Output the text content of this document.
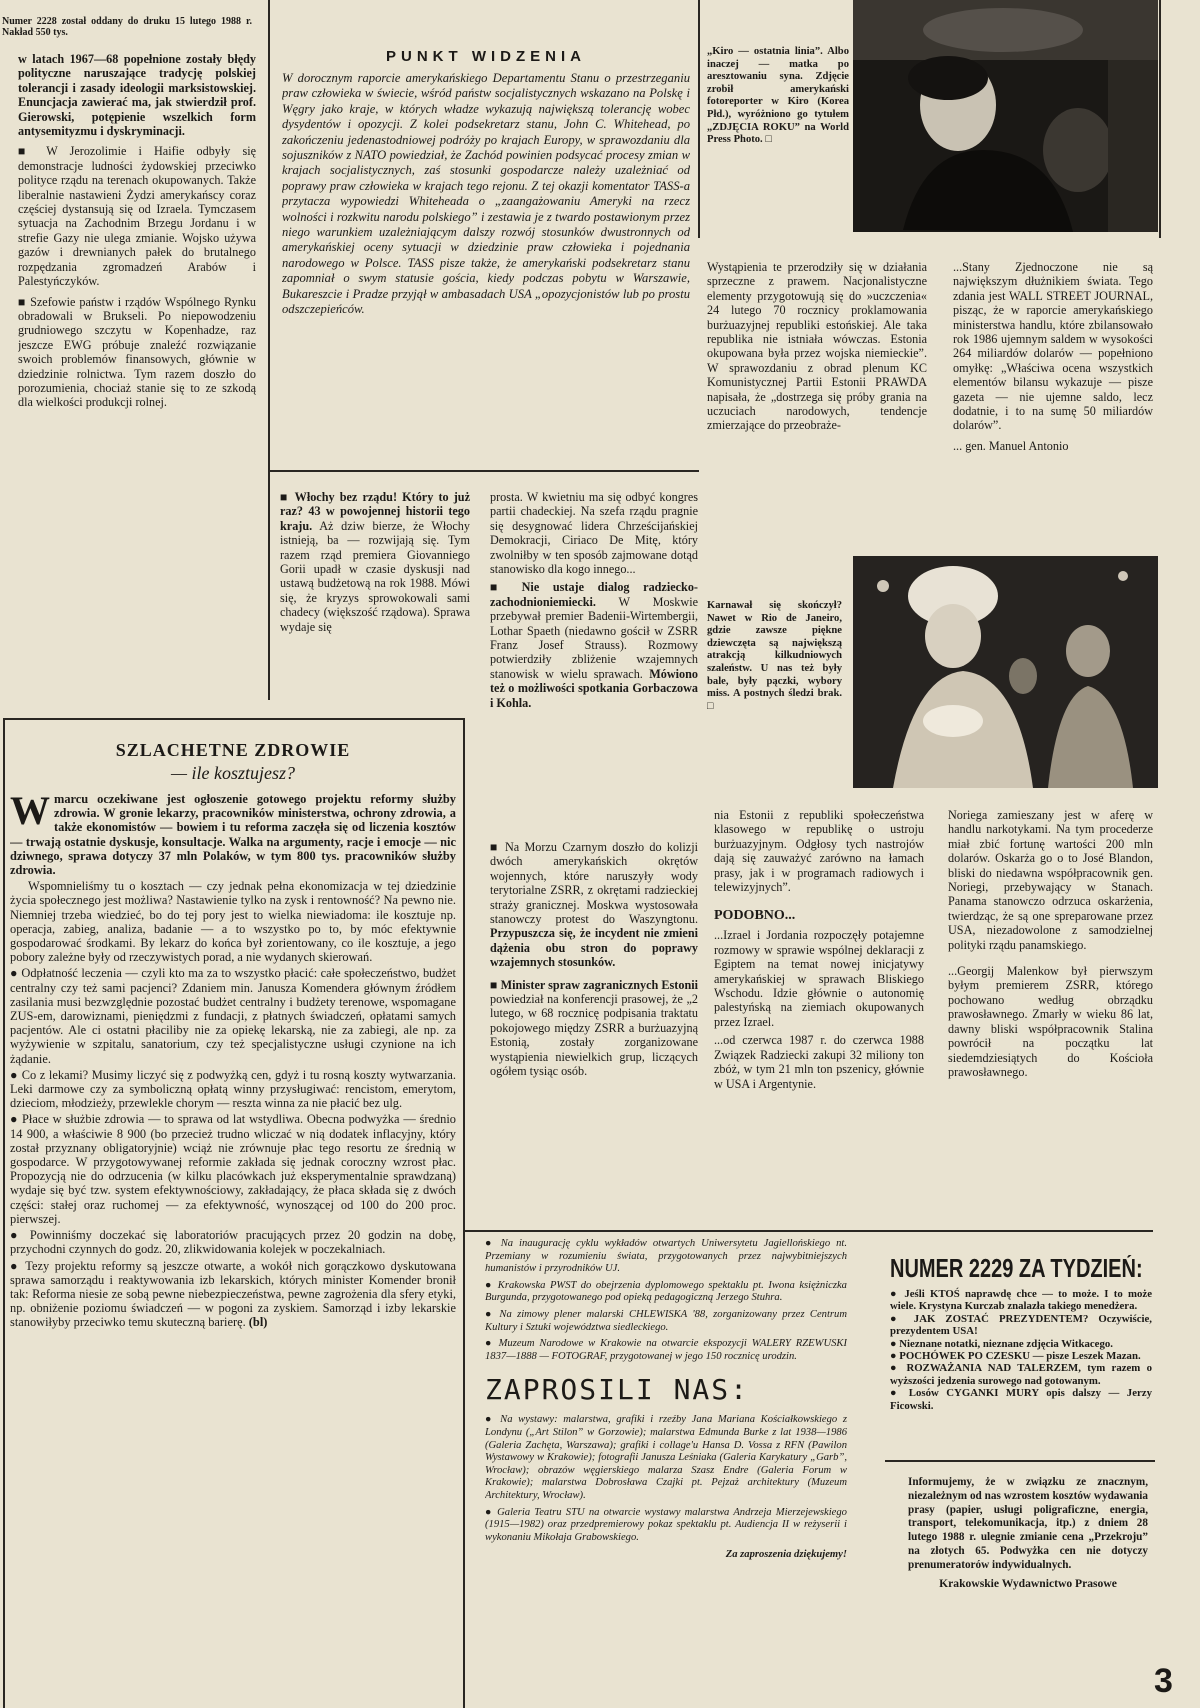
Numer 2228 został oddany do druku 15 lutego 1988 r. Nakład 550 tys.

w latach 1967—68 popełnione zostały błędy polityczne naruszające tradycję polskiej tolerancji i zasady ideologii marksistowskiej. Enuncjacja zawierać ma, jak stwierdził prof. Gierowski, potępienie wszelkich form antysemityzmu i dyskryminacji.

■ W Jerozolimie i Haifie odbyły się demonstracje ludności żydowskiej przeciwko polityce rządu na terenach okupowanych. Także liberalnie nastawieni Żydzi amerykańscy coraz częściej dystansują się od Izraela. Tymczasem sytuacja na Zachodnim Brzegu Jordanu i w strefie Gazy nie ulega zmianie. Wojsko używa gazów i drewnianych pałek do brutalnego rozpędzania zgromadzeń Arabów i Palestyńczyków.

■ Szefowie państw i rządów Wspólnego Rynku obradowali w Brukseli. Po niepowodzeniu grudniowego szczytu w Kopenhadze, raz jeszcze EWG próbuje znaleźć rozwiązanie swoich problemów finansowych, głównie w dziedzinie rolnictwa. Tym razem doszło do porozumienia, chociaż stanie się to ze szkodą dla wielkości produkcji rolnej.

PUNKT WIDZENIA

W dorocznym raporcie amerykańskiego Departamentu Stanu o przestrzeganiu praw człowieka w świecie, wśród państw socjalistycznych wskazano na Polskę i Węgry jako kraje, w których władze wykazują największą tolerancję wobec dysydentów i opozycji. Z kolei podsekretarz stanu, John C. Whitehead, po zakończeniu jedenastodniowej podróży po krajach Europy, w sprawozdaniu dla sojuszników z NATO powiedział, że Zachód powinien podsycać procesy zmian w krajach socjalistycznych, zaś stosunki gospodarcze należy uzależniać od poprawy praw człowieka w krajach tego rejonu. Z tej okazji komentator TASS-a przytacza wypowiedzi Whiteheada o „zaangażowaniu Ameryki na rzecz wolności i rozkwitu narodu polskiego” i zestawia je z twardo postawionym przez niego warunkiem uzależniającym dalszy rozwój stosunków dwustronnych od amerykańskiej oceny sytuacji w dziedzinie praw człowieka i pojednania narodowego w Polsce. TASS pisze także, że amerykański podsekretarz stanu zapomniał o swym statusie gościa, kiedy podczas pobytu w Warszawie, Bukareszcie i Pradze przyjął w ambasadach USA „opozycjonistów lub po prostu odszczepieńców.

„Kiro — ostatnia linia”. Albo inaczej — matka po aresztowaniu syna. Zdjęcie zrobił amerykański fotoreporter w Kiro (Korea Płd.), wyróżniono go tytułem „ZDJĘCIA ROKU” na World Press Photo. □

Wystąpienia te przerodziły się w działania sprzeczne z prawem. Nacjonalistyczne elementy przygotowują się do »uczczenia« 24 lutego 70 rocznicy proklamowania burżuazyjnej republiki estońskiej. Ale taka republika nie istniała wówczas. Estonia okupowana była przez wojska niemieckie”. W sprawozdaniu z obrad plenum KC Komunistycznej Partii Estonii PRAWDA napisała, że „dostrzega się próby grania na uczuciach narodowych, tendencje zmierzające do przeobraże-

...Stany Zjednoczone nie są największym dłużnikiem świata. Tego zdania jest WALL STREET JOURNAL, pisząc, że w raporcie amerykańskiego ministerstwa handlu, które zbilansowało rok 1986 ujemnym saldem w wysokości 264 miliardów dolarów — popełniono omyłkę: „Właściwa ocena wszystkich elementów bilansu wykazuje — pisze gazeta — nie ujemne saldo, lecz dodatnie, i to na sumę 50 miliardów dolarów”.

... gen. Manuel Antonio

■ Włochy bez rządu! Który to już raz? 43 w powojennej historii tego kraju. Aż dziw bierze, że Włochy istnieją, ba — rozwijają się. Tym razem rząd premiera Giovanniego Gorii upadł w czasie dyskusji nad ustawą budżetową na rok 1988. Mówi się, że kryzys sprowokowali sami chadecy (większość rządowa). Sprawa wydaje się

prosta. W kwietniu ma się odbyć kongres partii chadeckiej. Na szefa rządu pragnie się desygnować lidera Chrześcijańskiej Demokracji, Ciriaco De Mitę, który zwolniłby w ten sposób zajmowane dotąd stanowisko dla kogo innego...

■ Nie ustaje dialog radziecko-zachodnioniemiecki. W Moskwie przebywał premier Badenii-Wirtembergii, Lothar Spaeth (niedawno gościł w ZSRR Franz Josef Strauss). Rozmowy potwierdziły zbliżenie wzajemnych stanowisk w wielu sprawach. Mówiono też o możliwości spotkania Gorbaczowa i Kohla.

Karnawał się skończył? Nawet w Rio de Janeiro, gdzie zawsze piękne dziewczęta są największą atrakcją kilkudniowych szaleństw. U nas też były bale, były pączki, wybory miss. A postnych śledzi brak. □

SZLACHETNE ZDROWIE

— ile kosztujesz?

Wmarcu oczekiwane jest ogłoszenie gotowego projektu reformy służby zdrowia. W gronie lekarzy, pracowników ministerstwa, ochrony zdrowia, a także ekonomistów — bowiem i tu reforma zaczęła się od liczenia kosztów — trwają ostatnie dyskusje, konsultacje. Walka na argumenty, racje i emocje — nic dziwnego, sprawa dotyczy 37 mln Polaków, w tym 800 tys. pracowników służby zdrowia.

Wspomnieliśmy tu o kosztach — czy jednak pełna ekonomizacja w tej dziedzinie życia społecznego jest możliwa? Nastawienie tylko na zysk i rentowność? Na pewno nie. Niemniej trzeba wiedzieć, bo do tej pory jest to wielka niewiadoma: ile kosztuje np. operacja, zabieg, analiza, badanie — a to wszystko po to, by móc efektywnie gospodarować środkami. By lekarz do końca był zorientowany, co ile kosztuje, a jego pobory zależne były od rzeczywistych porad, a nie wydanych skierowań.

● Odpłatność leczenia — czyli kto ma za to wszystko płacić: całe społeczeństwo, budżet centralny czy też sami pacjenci? Zdaniem min. Janusza Komendera głównym źródłem zasilania musi bezwzględnie pozostać budżet centralny i budżety terenowe, wspomagane ZUS-em, darowiznami, pieniędzmi z fundacji, z płatnych świadczeń, opłatami samych pacjentów. Ale ci ostatni płaciliby nie za opiekę lekarską, nie za zabiegi, ale np. za wyżywienie w szpitalu, sanatorium, czy też specjalistyczne usługi czynione na ich żądanie.

● Co z lekami? Musimy liczyć się z podwyżką cen, gdyż i tu rosną koszty wytwarzania. Leki darmowe czy za symboliczną opłatą winny przysługiwać: rencistom, emerytom, dzieciom, młodzieży, przewlekle chorym — reszta winna za nie płacić bez ulg.

● Płace w służbie zdrowia — to sprawa od lat wstydliwa. Obecna podwyżka — średnio 14 900, a właściwie 8 900 (bo przecież trudno wliczać w nią dodatek inflacyjny, który został przyznany obligatoryjnie) wciąż nie zrównuje płac tego resortu ze średnią w gospodarce. W przygotowywanej reformie zakłada się jednak coroczny wzrost płac. Propozycją nie do odrzucenia (w kilku placówkach już eksperymentalnie sprawdzaną) wydaje się być tzw. system efektywnościowy, zakładający, że płaca składa się z dwóch części: stałej oraz ruchomej — za efektywność, wynoszącej od 100 do 200 proc. pierwszej.

● Powinniśmy doczekać się laboratoriów pracujących przez 20 godzin na dobę, przychodni czynnych do godz. 20, zlikwidowania kolejek w poczekalniach.

● Tezy projektu reformy są jeszcze otwarte, a wokół nich gorączkowo dyskutowana sprawa samorządu i reaktywowania izb lekarskich, których minister Komender bronił tak: Reforma niesie ze sobą pewne niebezpieczeństwa, pewne zagrożenia dla sfery etyki, np. obniżenie poziomu świadczeń — w pogoni za zyskiem. Samorząd i izby lekarskie stanowiłyby przeciwko temu skuteczną barierę. (bl)

■ Na Morzu Czarnym doszło do kolizji dwóch amerykańskich okrętów wojennych, które naruszyły wody terytorialne ZSRR, z okrętami radzieckiej straży granicznej. Moskwa wystosowała stanowczy protest do Waszyngtonu. Przypuszcza się, że incydent nie zmieni dążenia obu stron do poprawy wzajemnych stosunków.

■ Minister spraw zagranicznych Estonii powiedział na konferencji prasowej, że „2 lutego, w 68 rocznicę podpisania traktatu pokojowego między ZSRR a burżuazyjną Estonią, zostały zorganizowane wystąpienia niewielkich grup, liczących ogółem tysiąc osób.

nia Estonii z republiki społeczeństwa klasowego w republikę o ustroju burżuazyjnym. Odgłosy tych nastrojów dają się zauważyć zarówno na łamach prasy, jak i w programach radiowych i telewizyjnych”.

PODOBNO...

...Izrael i Jordania rozpoczęły potajemne rozmowy w sprawie wspólnej deklaracji z Egiptem na temat nowej inicjatywy amerykańskiej w sprawach Bliskiego Wschodu. Idzie głównie o autonomię palestyńską na ziemiach okupowanych przez Izrael.

...od czerwca 1987 r. do czerwca 1988 Związek Radziecki zakupi 32 miliony ton zbóż, w tym 21 mln ton pszenicy, głównie w USA i Argentynie.

Noriega zamieszany jest w aferę w handlu narkotykami. Na tym procederze miał zbić fortunę wartości 200 mln dolarów. Oskarża go o to José Blandon, bliski do niedawna współpracownik gen. Noriegi, przebywający w Stanach. Panama stanowczo odrzuca oskarżenia, twierdząc, że są one spreparowane przez USA, niezadowolone z samodzielnej polityki rządu panamskiego.

...Georgij Malenkow był pierwszym byłym premierem ZSRR, którego pochowano według obrządku prawosławnego. Zmarły w wieku 86 lat, dawny bliski współpracownik Stalina powrócił na początku lat siedemdziesiątych do Kościoła prawosławnego.

● Na inaugurację cyklu wykładów otwartych Uniwersytetu Jagiellońskiego nt. Przemiany w rozumieniu świata, przygotowanych przez najwybitniejszych humanistów i przyrodników UJ.

● Krakowska PWST do obejrzenia dyplomowego spektaklu pt. Iwona księżniczka Burgunda, przygotowanego pod opieką pedagogiczną Jerzego Stuhra.

● Na zimowy plener malarski CHLEWISKA '88, zorganizowany przez Centrum Kultury i Sztuki województwa siedleckiego.

● Muzeum Narodowe w Krakowie na otwarcie ekspozycji WALERY RZEWUSKI 1837—1888 — FOTOGRAF, przygotowanej w jego 150 rocznicę urodzin.

ZAPROSILI NAS:

● Na wystawy: malarstwa, grafiki i rzeźby Jana Mariana Kościałkowskiego z Londynu („Art Stilon” w Gorzowie); malarstwa Edmunda Burke z lat 1938—1986 (Galeria Zachęta, Warszawa); grafiki i collage'u Hansa D. Vossa z RFN (Pawilon Wystawowy w Krakowie); fotografii Janusza Leśniaka (Galeria Karykatury „Garb”, Wrocław); obrazów węgierskiego malarza Szasz Endre (Galeria Forum w Krakowie); malarstwa Dobrosława Czajki pt. Pejzaż architektury (Muzeum Architektury, Wrocław).

● Galeria Teatru STU na otwarcie wystawy malarstwa Andrzeja Mierzejewskiego (1915—1982) oraz przedpremierowy pokaz spektaklu pt. Audiencja II w reżyserii i wykonaniu Mikołaja Grabowskiego.

Za zaproszenia dziękujemy!

NUMER 2229 ZA TYDZIEŃ:

● Jeśli KTOŚ naprawdę chce — to może. I to może wiele. Krystyna Kurczab znalazła takiego menedżera.

● JAK ZOSTAĆ PREZYDENTEM? Oczywiście, prezydentem USA!

● Nieznane notatki, nieznane zdjęcia Witkacego.

● POCHÓWEK PO CZESKU — pisze Leszek Mazan.

● ROZWAŻANIA NAD TALERZEM, tym razem o wyższości jedzenia surowego nad gotowanym.

● Losów CYGANKI MURY opis dalszy — Jerzy Ficowski.

Informujemy, że w związku ze znacznym, niezależnym od nas wzrostem kosztów wydawania prasy (papier, usługi poligraficzne, energia, transport, telekomunikacja, itp.) z dniem 28 lutego 1988 r. ulegnie zmianie cena „Przekroju” na złotych 65. Podwyżka cen nie dotyczy prenumeratorów indywidualnych.

Krakowskie Wydawnictwo Prasowe

3
